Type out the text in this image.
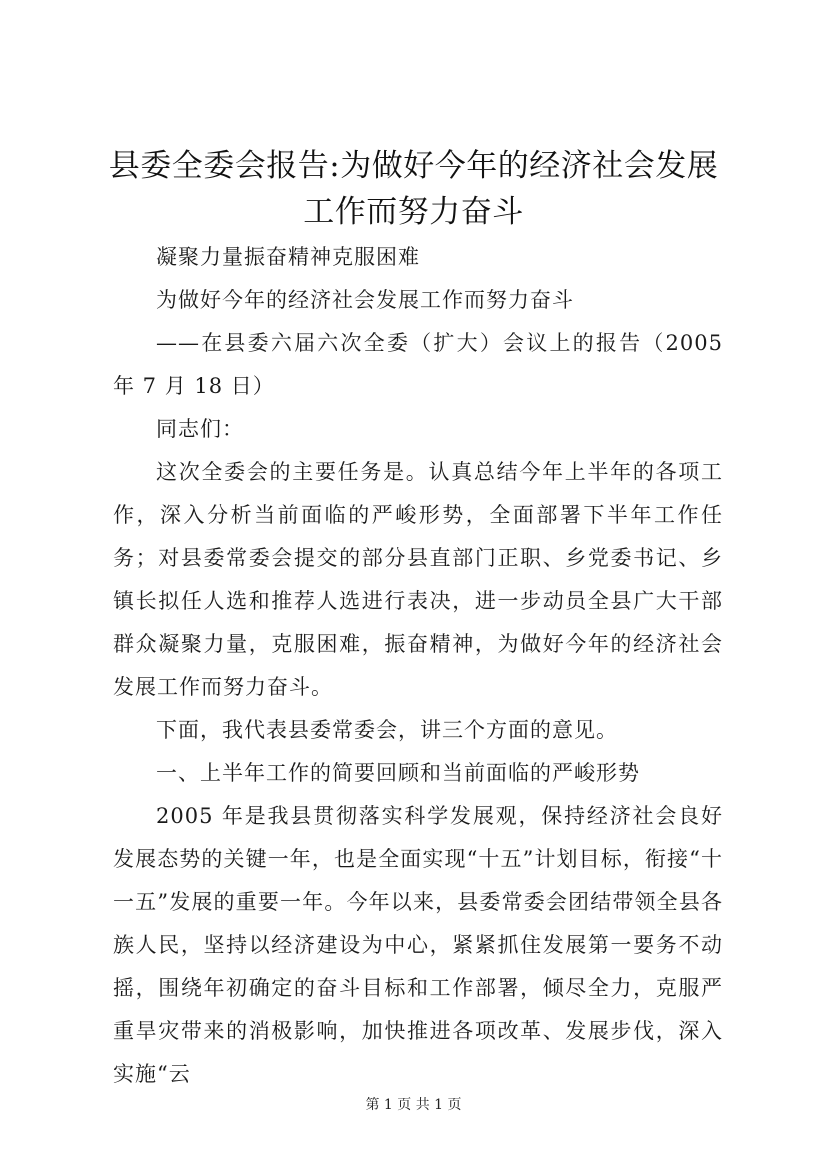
县委全委会报告:为做好今年的经济社会发展
工作而努力奋斗
凝聚力量振奋精神克服困难
为做好今年的经济社会发展工作而努力奋斗
——在县委六届六次全委（扩大）会议上的报告（2005 年 7 月 18 日）
同志们：
这次全委会的主要任务是。认真总结今年上半年的各项工作，深入分析当前面临的严峻形势，全面部署下半年工作任务；对县委常委会提交的部分县直部门正职、乡党委书记、乡镇长拟任人选和推荐人选进行表决，进一步动员全县广大干部群众凝聚力量，克服困难，振奋精神，为做好今年的经济社会发展工作而努力奋斗。
下面，我代表县委常委会，讲三个方面的意见。
一、上半年工作的简要回顾和当前面临的严峻形势
2005 年是我县贯彻落实科学发展观，保持经济社会良好发展态势的关键一年，也是全面实现“十五”计划目标，衔接“十一五”发展的重要一年。今年以来，县委常委会团结带领全县各族人民，坚持以经济建设为中心，紧紧抓住发展第一要务不动摇，围绕年初确定的奋斗目标和工作部署，倾尽全力，克服严重旱灾带来的消极影响，加快推进各项改革、发展步伐，深入实施“云
第 1 页 共 1 页
